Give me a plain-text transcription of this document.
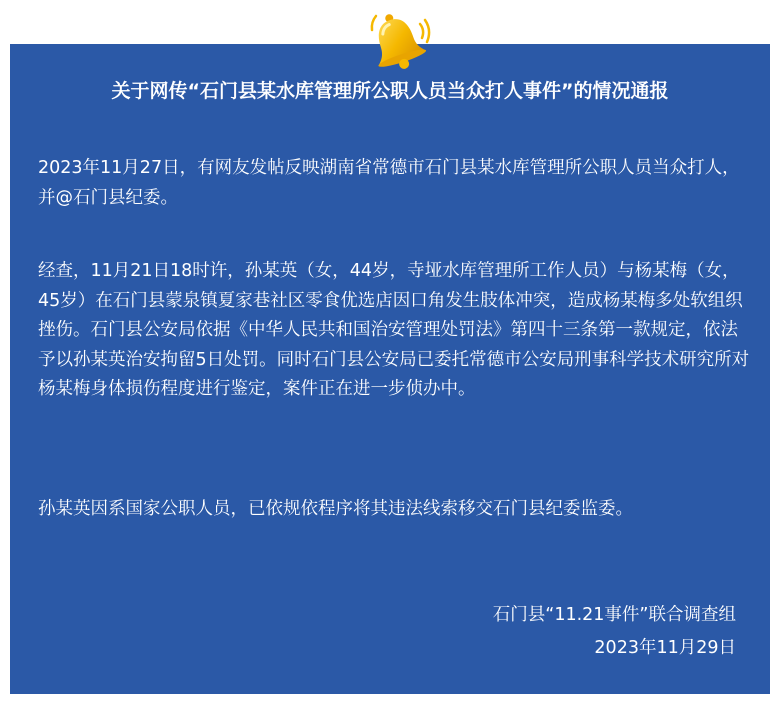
关于网传“石门县某水库管理所公职人员当众打人事件”的情况通报

2023年11月27日，有网友发帖反映湖南省常德市石门县某水库管理所公职人员当众打人，并@石门县纪委。

经查，11月21日18时许，孙某英（女，44岁，寺垭水库管理所工作人员）与杨某梅（女，45岁）在石门县蒙泉镇夏家巷社区零食优选店因口角发生肢体冲突，造成杨某梅多处软组织挫伤。石门县公安局依据《中华人民共和国治安管理处罚法》第四十三条第一款规定，依法予以孙某英治安拘留5日处罚。同时石门县公安局已委托常德市公安局刑事科学技术研究所对杨某梅身体损伤程度进行鉴定，案件正在进一步侦办中。

孙某英因系国家公职人员，已依规依程序将其违法线索移交石门县纪委监委。

石门县“11.21事件”联合调查组
2023年11月29日
